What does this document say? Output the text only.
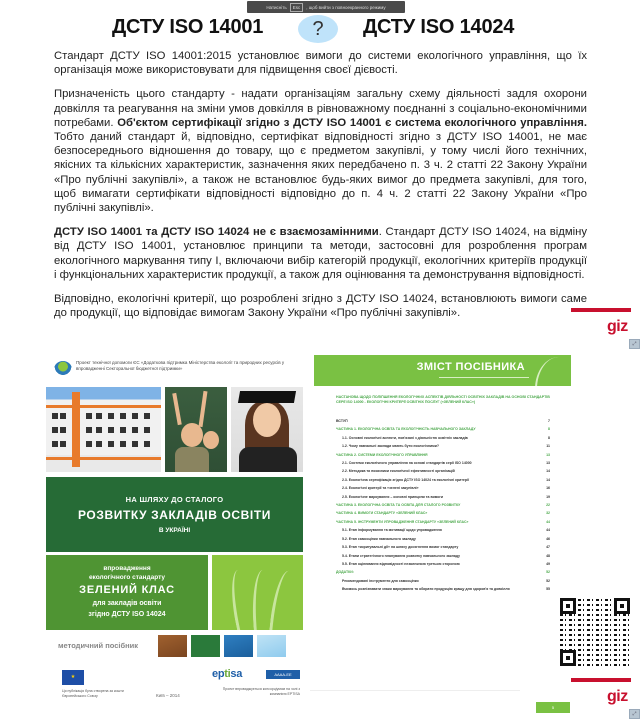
Натисніть	Esc	, щоб вийти з повноекранного режиму
ДСТУ ISO 14001	?	ДСТУ ISO 14024

Стандарт ДСТУ ISO 14001:2015 установлює вимоги до системи екологічного управління, що їх організація може використовувати для підвищення своєї дієвості.

Призначеність цього стандарту - надати організаціям загальну схему діяльності задля охорони довкілля та реагування на зміни умов довкілля в рівноважному поєднанні з соціально-економічними потребами. Об'єктом сертифікації згідно з ДСТУ ISO 14001 є система екологічного управління. Тобто даний стандарт й, відповідно, сертифікат відповідності згідно з ДСТУ ISO 14001, не має безпосереднього відношення до товару, що є предметом закупівлі, у тому числі його технічних, якісних та кількісних характеристик, зазначення яких передбачено п. 3 ч. 2 статті 22 Закону України «Про публічні закупівлі», а також не встановлює будь-яких вимог до предмета закупівлі, для того, щоб вимагати сертифікати відповідності відповідно до п. 4 ч. 2 статті 22 Закону України «Про публічні закупівлі».

ДСТУ ISO 14001 та ДСТУ ISO 14024 не є взаємозамінними. Стандарт ДСТУ ISO 14024, на відміну від ДСТУ ISO 14001, установлює принципи та методи, застосовні для розроблення програм екологічного маркування типу I, включаючи вибір категорій продукції, екологічних критеріїв продукції і функціональних характеристик продукції, а також для оцінювання та демонстрування відповідності.

Відповідно, екологічні критерії, що розроблені згідно з ДСТУ ISO 14024, встановлюють вимоги саме до продукції, що відповідає вимогам Закону України «Про публічні закупівлі».

giz
⤢
Проект технічної допомоги ЄС «Додаткова підтримка Міністерства екології та природних ресурсів у впровадженні Секторальної бюджетної підтримки»
НА ШЛЯХУ ДО СТАЛОГО
РОЗВИТКУ ЗАКЛАДІВ ОСВІТИ
В УКРАЇНІ
впровадження
екологічного стандарту
ЗЕЛЕНИЙ КЛАС
для закладів освіти
згідно ДСТУ ISO 14024
методичний посібник
★
Ця публікація була створена за кошти Європейського Союзу	Київ – 2014
eptisa	AAAA-EE
Проект впроваджується консорціумом на чолі з компанією EPTISA
ЗМІСТ ПОСІБНИКА
НАСТАНОВА ЩОДО ПОЛІПШЕННЯ ЕКОЛОГІЧНИХ АСПЕКТІВ ДІЯЛЬНОСТІ ОСВІТНІХ ЗАКЛАДІВ НА ОСНОВІ СТАНДАРТІВ СЕРІЇ ISO 14000 - ЕКОЛОГІЧНІ КРИТЕРІЇ ОСВІТНІХ ПОСЛУГ («ЗЕЛЕНИЙ КЛАС»)
ВСТУП	7
ЧАСТИНА 1. ЕКОЛОГІЧНА ОСВІТА ТА ЕКОЛОГІЧНІСТЬ НАВЧАЛЬНОГО ЗАКЛАДУ	8
1.1. Основні екологічні аспекти, пов'язані з діяльністю освітніх закладів	8
1.2. Чому навчальні заклади мають бути екологічними?	11
ЧАСТИНА 2. СИСТЕМИ ЕКОЛОГІЧНОГО УПРАВЛІННЯ	13
2.1. Системи екологічного управління на основі стандартів серії ISO 14000	13
2.2. Методика та показники екологічної ефективності організацій	14
2.3. Екологічна сертифікація згідно ДСТУ ISO 14024 та екологічні критерії	14
2.4. Екологічні критерії та «зелені закупівлі»	16
2.5. Екологічне маркування – основні принципи та вимоги	19
ЧАСТИНА 3. ЕКОЛОГІЧНА ОСВІТА ТА ОСВІТА ДЛЯ СТАЛОГО РОЗВИТКУ	22
ЧАСТИНА 4. ВИМОГИ СТАНДАРТУ «ЗЕЛЕНИЙ КЛАС»	32
ЧАСТИНА 5. ІНСТРУМЕНТИ УПРОВАДЖЕННЯ СТАНДАРТУ «ЗЕЛЕНИЙ КЛАС»	44
5.1. Етап інформування та мотивації щодо упровадження	44
5.2. Етап самооцінки навчального закладу	46
5.3. Етап «коригувальні дії» на шляху досягнення вимог стандарту	47
5.4. Етапи стратегічного планування розвитку навчального закладу	48
5.5. Етап оцінювання відповідності незалежною третьою стороною	49
ДОДАТКИ:	52
Рекомендовані інструменти для самооцінки	52
Вчимось розпізнавати знаки маркування та обирати продукцію кращу для здоров'я та довкілля	55
giz
5
⤢
